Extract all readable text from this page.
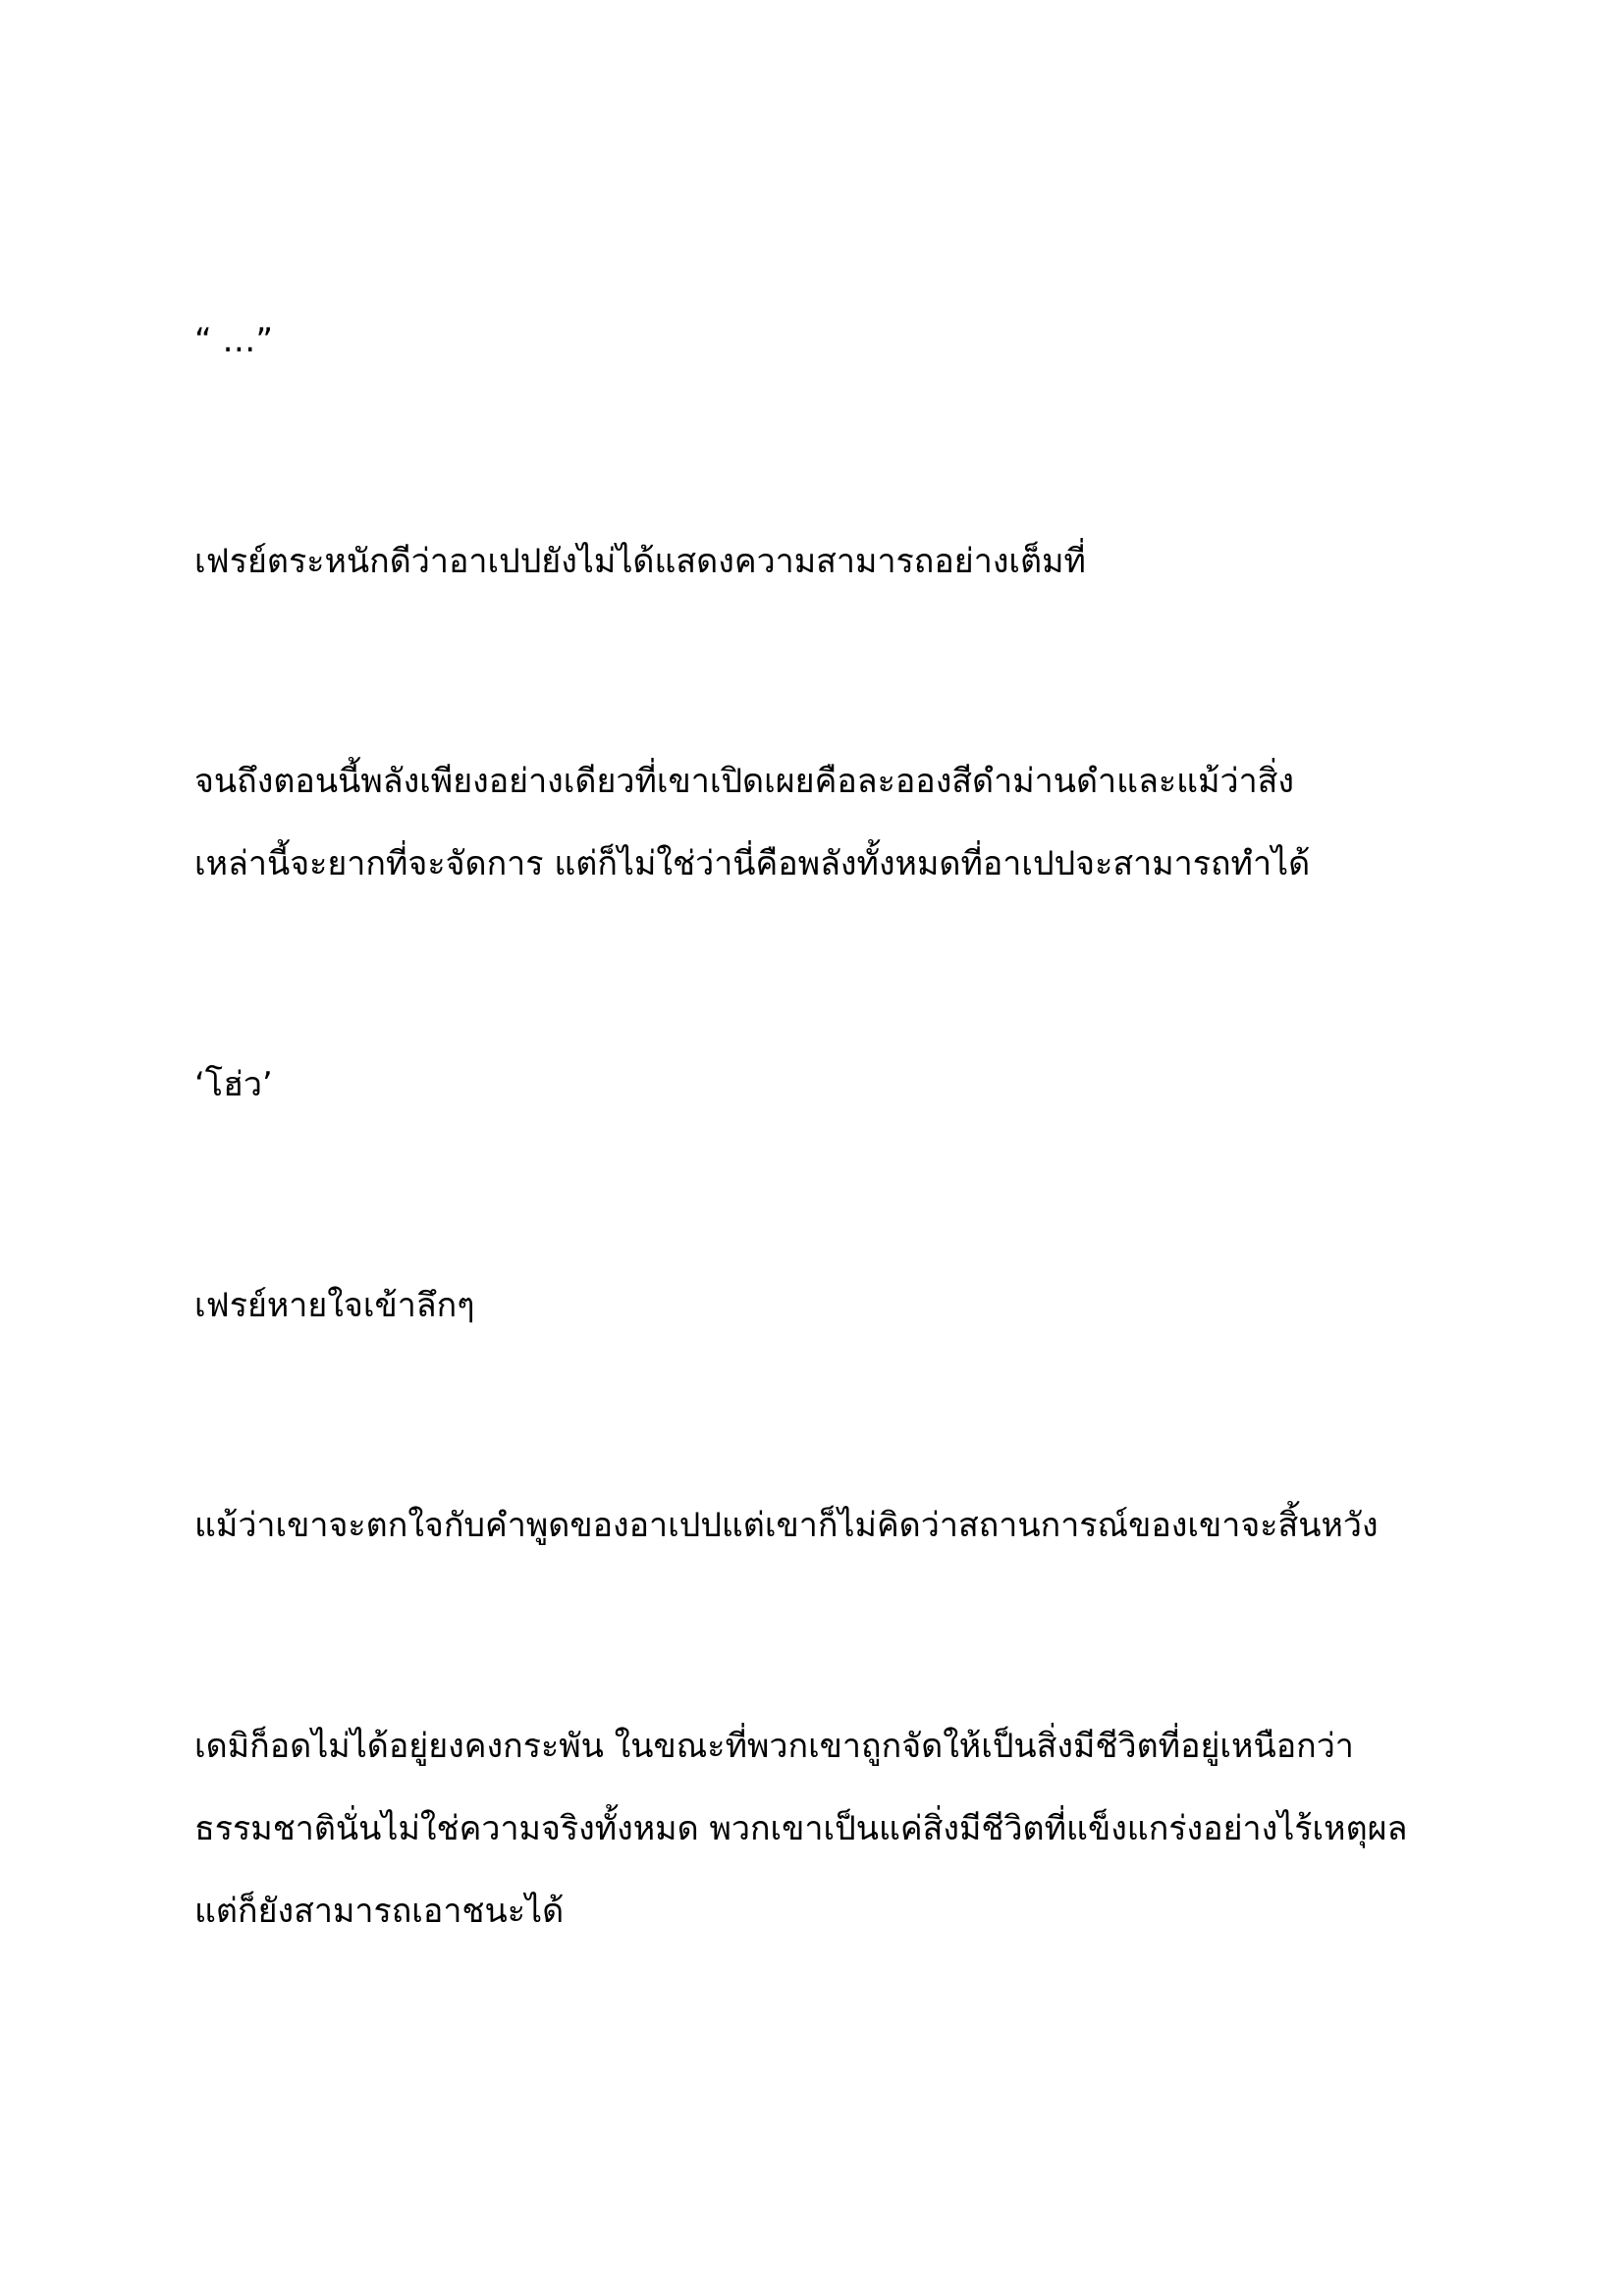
“ …”

เฟรย์ตระหนักดีว่าอาเปปยังไม่ได้แสดงความสามารถอย่างเต็มที่

จนถึงตอนนี้พลังเพียงอย่างเดียวที่เขาเปิดเผยคือละอองสีดำม่านดำและแม้ว่าสิ่ง
เหล่านี้จะยากที่จะจัดการ แต่ก็ไม่ใช่ว่านี่คือพลังทั้งหมดที่อาเปปจะสามารถทำได้

‘โฮ่ว’

เฟรย์หายใจเข้าลึกๆ

แม้ว่าเขาจะตกใจกับคำพูดของอาเปปแต่เขาก็ไม่คิดว่าสถานการณ์ของเขาจะสิ้นหวัง

เดมิก็อดไม่ได้อยู่ยงคงกระพัน ในขณะที่พวกเขาถูกจัดให้เป็นสิ่งมีชีวิตที่อยู่เหนือกว่า
ธรรมชาตินั่นไม่ใช่ความจริงทั้งหมด พวกเขาเป็นแค่สิ่งมีชีวิตที่แข็งแกร่งอย่างไร้เหตุผล
แต่ก็ยังสามารถเอาชนะได้
